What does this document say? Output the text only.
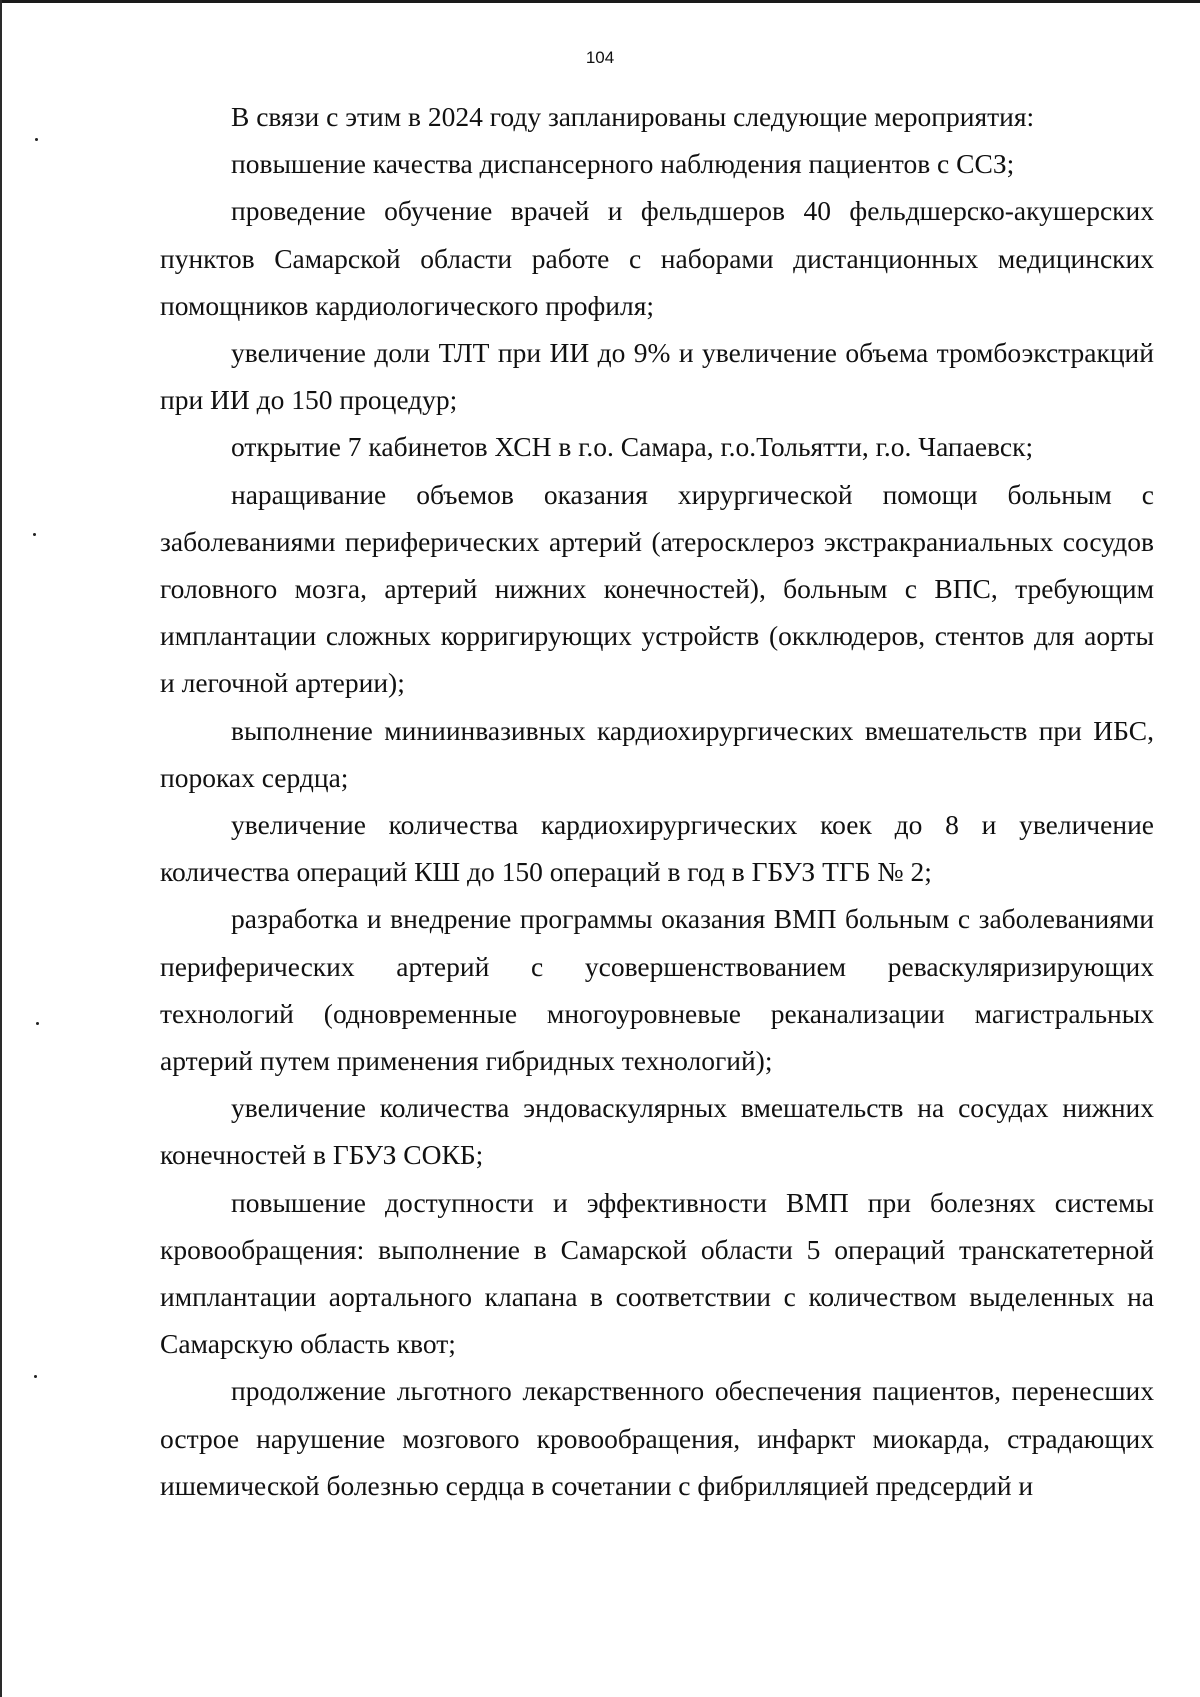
104

В связи с этим в 2024 году запланированы следующие мероприятия:

повышение качества диспансерного наблюдения пациентов с ССЗ;

проведение обучение врачей и фельдшеров 40 фельдшерско-акушерских пунктов Самарской области работе с наборами дистанционных медицинских помощников кардиологического профиля;

увеличение доли ТЛТ при ИИ до 9% и увеличение объема тромбоэкстракций при ИИ до 150 процедур;

открытие 7 кабинетов ХСН в г.о. Самара, г.о.Тольятти, г.о. Чапаевск;

наращивание объемов оказания хирургической помощи больным с заболеваниями периферических артерий (атеросклероз экстракраниальных сосудов головного мозга, артерий нижних конечностей), больным с ВПС, требующим имплантации сложных корригирующих устройств (окклюдеров, стентов для аорты и легочной артерии);

выполнение миниинвазивных кардиохирургических вмешательств при ИБС, пороках сердца;

увеличение количества кардиохирургических коек до 8 и увеличение количества операций КШ до 150 операций в год в ГБУЗ ТГБ № 2;

разработка и внедрение программы оказания ВМП больным с заболеваниями периферических артерий с усовершенствованием реваскуляризирующих технологий (одновременные многоуровневые реканализации магистральных артерий путем применения гибридных технологий);

увеличение количества эндоваскулярных вмешательств на сосудах нижних конечностей в ГБУЗ СОКБ;

повышение доступности и эффективности ВМП при болезнях системы кровообращения: выполнение в Самарской области 5 операций транскатетерной имплантации аортального клапана в соответствии с количеством выделенных на Самарскую область квот;

продолжение льготного лекарственного обеспечения пациентов, перенесших острое нарушение мозгового кровообращения, инфаркт миокарда, страдающих ишемической болезнью сердца в сочетании с фибрилляцией предсердий и
